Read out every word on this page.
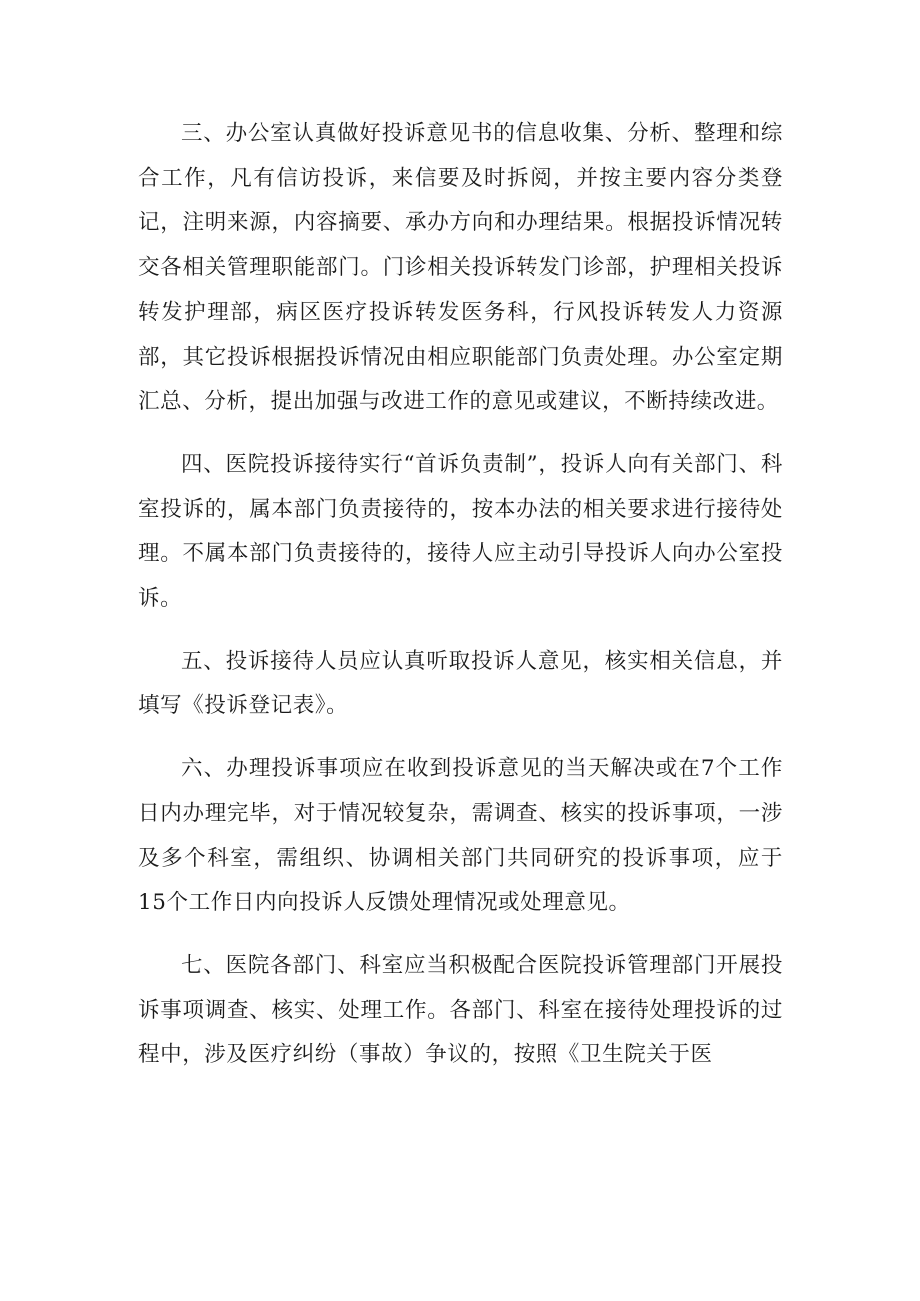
三、办公室认真做好投诉意见书的信息收集、分析、整理和综合工作，凡有信访投诉，来信要及时拆阅，并按主要内容分类登记，注明来源，内容摘要、承办方向和办理结果。根据投诉情况转交各相关管理职能部门。门诊相关投诉转发门诊部，护理相关投诉转发护理部，病区医疗投诉转发医务科，行风投诉转发人力资源部，其它投诉根据投诉情况由相应职能部门负责处理。办公室定期汇总、分析，提出加强与改进工作的意见或建议，不断持续改进。

四、医院投诉接待实行“首诉负责制”，投诉人向有关部门、科室投诉的，属本部门负责接待的，按本办法的相关要求进行接待处理。不属本部门负责接待的，接待人应主动引导投诉人向办公室投诉。

五、投诉接待人员应认真听取投诉人意见，核实相关信息，并填写《投诉登记表》。

六、办理投诉事项应在收到投诉意见的当天解决或在7个工作日内办理完毕，对于情况较复杂，需调查、核实的投诉事项，一涉及多个科室，需组织、协调相关部门共同研究的投诉事项，应于15个工作日内向投诉人反馈处理情况或处理意见。

七、医院各部门、科室应当积极配合医院投诉管理部门开展投诉事项调查、核实、处理工作。各部门、科室在接待处理投诉的过程中，涉及医疗纠纷（事故）争议的，按照《卫生院关于医
